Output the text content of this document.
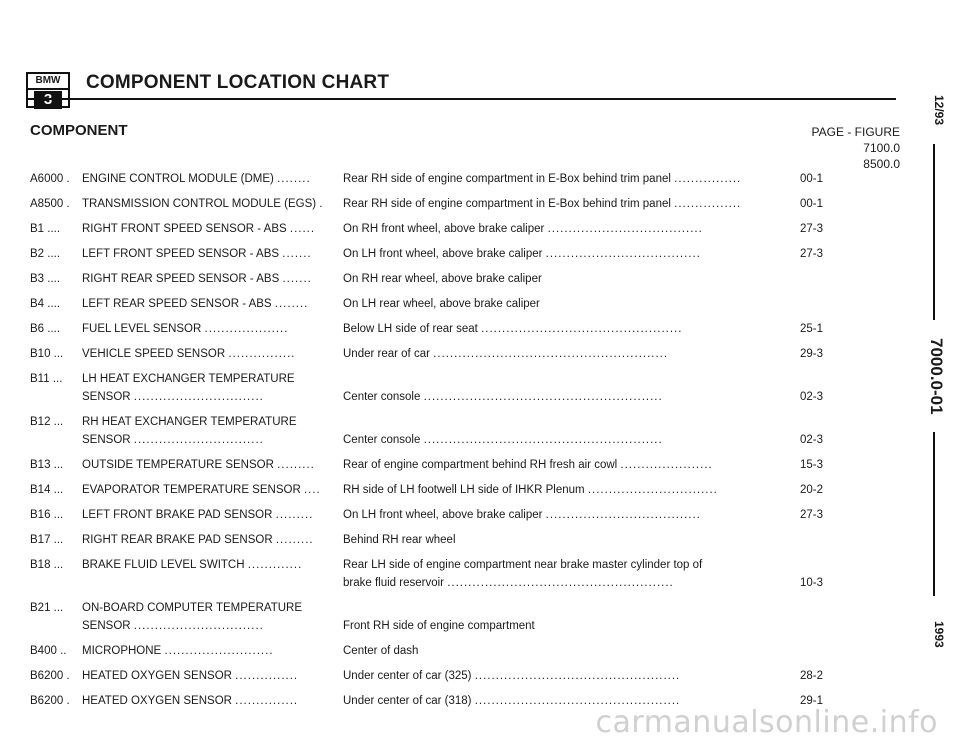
BMW	COMPONENT LOCATION CHART
COMPONENT	PAGE - FIGURE
7100.0
8500.0
A6000 .	ENGINE CONTROL MODULE (DME) ........	Rear RH side of engine compartment in E-Box behind trim panel ................	00-1
A8500 .	TRANSMISSION CONTROL MODULE (EGS) .	Rear RH side of engine compartment in E-Box behind trim panel ................	00-1
B1 ....	RIGHT FRONT SPEED SENSOR - ABS ......	On RH front wheel, above brake caliper .....................................	27-3
B2 ....	LEFT FRONT SPEED SENSOR - ABS .......	On LH front wheel, above brake caliper .....................................	27-3
B3 ....	RIGHT REAR SPEED SENSOR - ABS .......	On RH rear wheel, above brake caliper
B4 ....	LEFT REAR SPEED SENSOR - ABS ........	On LH rear wheel, above brake caliper
B6 ....	FUEL LEVEL SENSOR ....................	Below LH side of rear seat ................................................	25-1
B10 ...	VEHICLE SPEED SENSOR ................	Under rear of car ........................................................	29-3
B11 ...	LH HEAT EXCHANGER TEMPERATURE
SENSOR ...............................	Center console .........................................................	02-3
B12 ...	RH HEAT EXCHANGER TEMPERATURE
SENSOR ...............................	Center console .........................................................	02-3
B13 ...	OUTSIDE TEMPERATURE SENSOR .........	Rear of engine compartment behind RH fresh air cowl ......................	15-3
B14 ...	EVAPORATOR TEMPERATURE SENSOR ....	RH side of LH footwell LH side of IHKR Plenum ...............................	20-2
B16 ...	LEFT FRONT BRAKE PAD SENSOR .........	On LH front wheel, above brake caliper .....................................	27-3
B17 ...	RIGHT REAR BRAKE PAD SENSOR .........	Behind RH rear wheel
B18 ...	BRAKE FLUID LEVEL SWITCH .............	Rear LH side of engine compartment near brake master cylinder top of
brake fluid reservoir ......................................................	10-3
B21 ...	ON-BOARD COMPUTER TEMPERATURE
SENSOR ...............................	Front RH side of engine compartment
B400 ..	MICROPHONE ..........................	Center of dash
B6200 .	HEATED OXYGEN SENSOR ...............	Under center of car (325) .................................................	28-2
B6200 .	HEATED OXYGEN SENSOR ...............	Under center of car (318) .................................................	29-1
12/93
7000.0-01
1993
carmanualsonline.info
